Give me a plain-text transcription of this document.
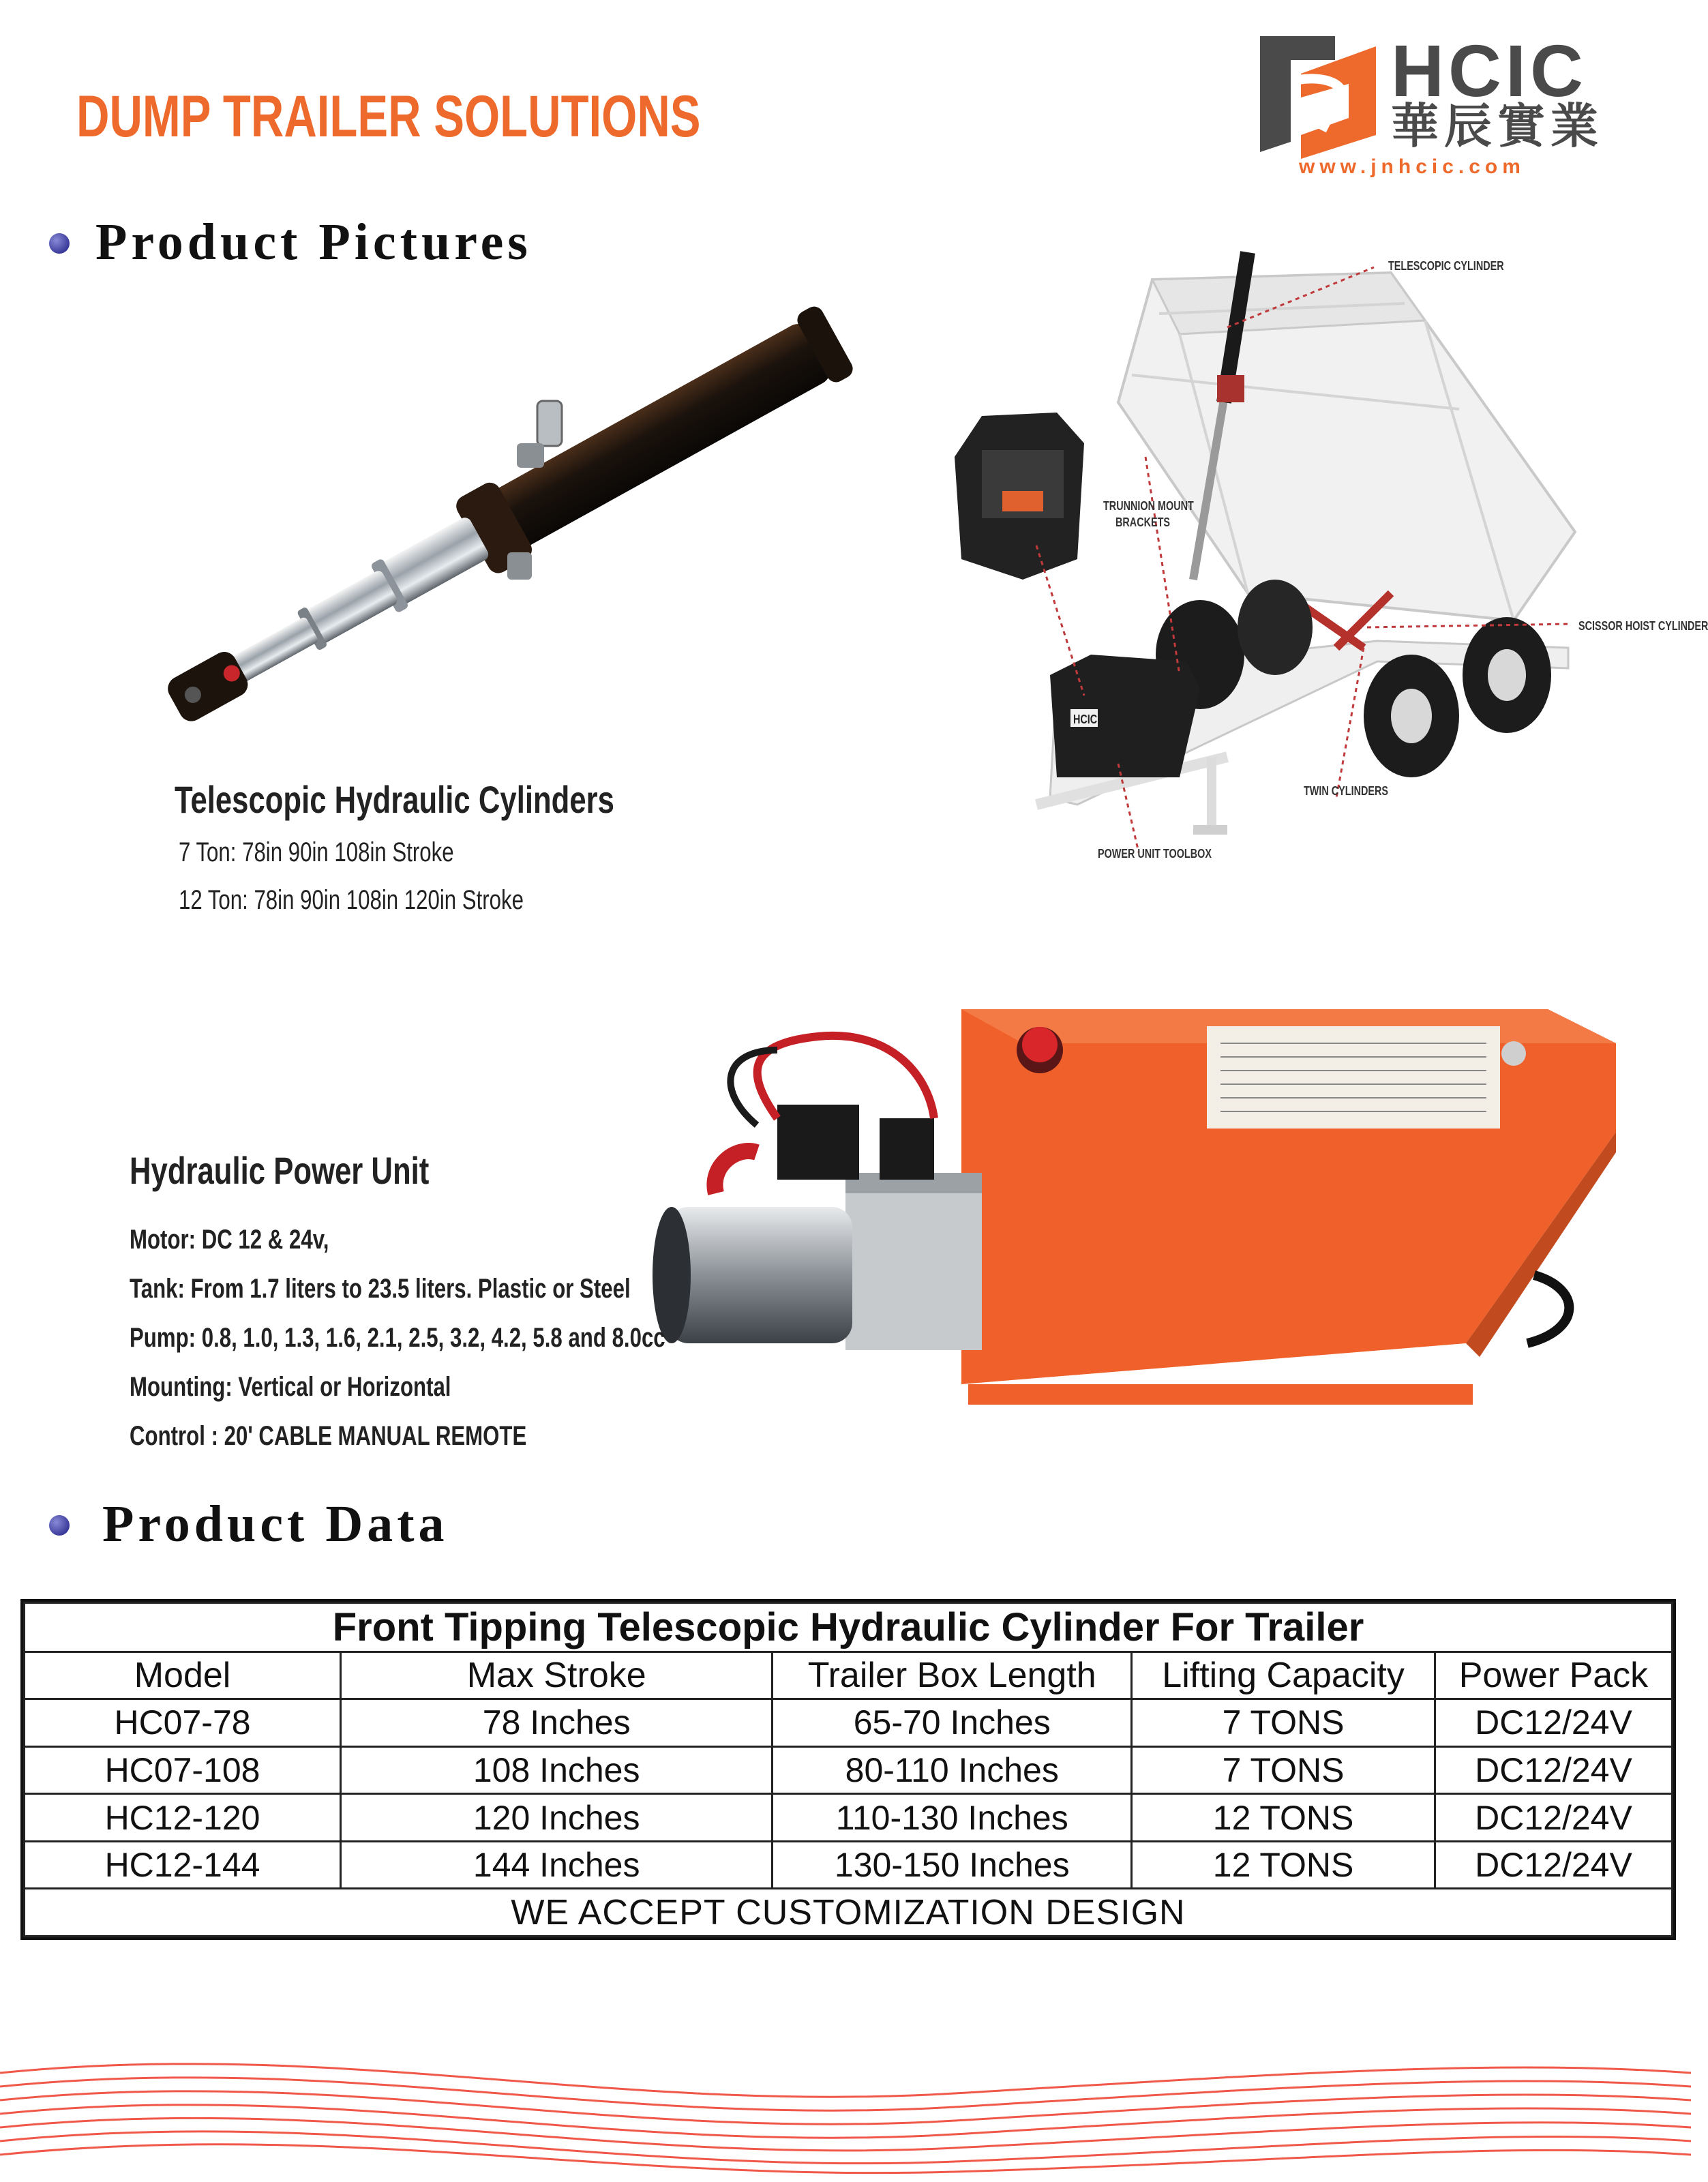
DUMP TRAILER SOLUTIONS
HCIC
華辰實業
www.jnhcic.com
Product Pictures
Telescopic Hydraulic Cylinders
7 Ton: 78in 90in 108in Stroke
12 Ton: 78in 90in 108in 120in Stroke
TELESCOPIC CYLINDER
TRUNNION MOUNT
BRACKETS
SCISSOR HOIST CYLINDER
TWIN CYLINDERS
POWER UNIT TOOLBOX
HCIC
Hydraulic Power Unit
Motor: DC 12 & 24v,
Tank: From 1.7 liters to 23.5 liters. Plastic or Steel
Pump: 0.8, 1.0, 1.3, 1.6, 2.1, 2.5, 3.2, 4.2, 5.8 and 8.0cc
Mounting: Vertical or Horizontal
Control : 20' CABLE MANUAL REMOTE
Product Data
Front Tipping Telescopic Hydraulic Cylinder For Trailer				
Model	Max Stroke	Trailer Box Length	Lifting Capacity	Power Pack
HC07-78	78 Inches	65-70 Inches	7 TONS	DC12/24V
HC07-108	108 Inches	80-110 Inches	7 TONS	DC12/24V
HC12-120	120 Inches	110-130 Inches	12 TONS	DC12/24V
HC12-144	144 Inches	130-150 Inches	12 TONS	DC12/24V
WE ACCEPT CUSTOMIZATION DESIGN				
